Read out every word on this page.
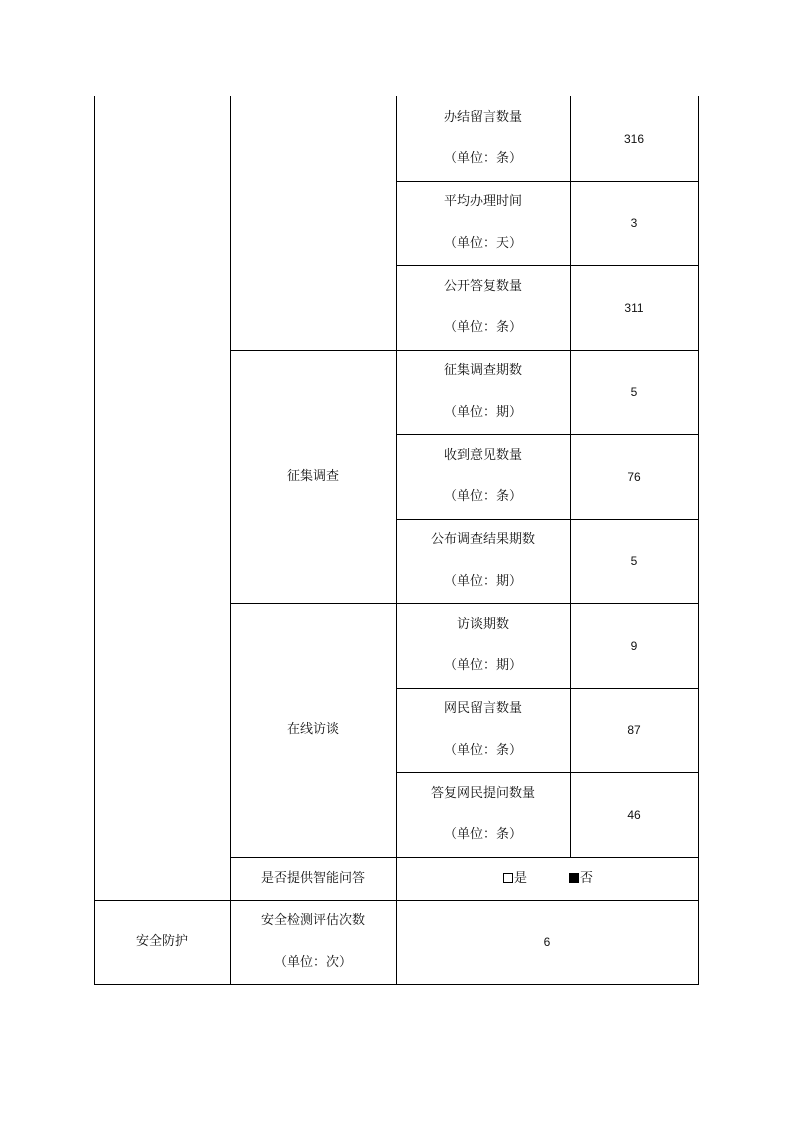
办结留言数量
（单位：条）
316
平均办理时间
（单位：天）
3
公开答复数量
（单位：条）
311
征集调查
征集调查期数
（单位：期）
5
收到意见数量
（单位：条）
76
公布调查结果期数
（单位：期）
5
在线访谈
访谈期数
（单位：期）
9
网民留言数量
（单位：条）
87
答复网民提问数量
（单位：条）
46
是否提供智能问答	是	否
安全防护
安全检测评估次数
（单位：次）
6
